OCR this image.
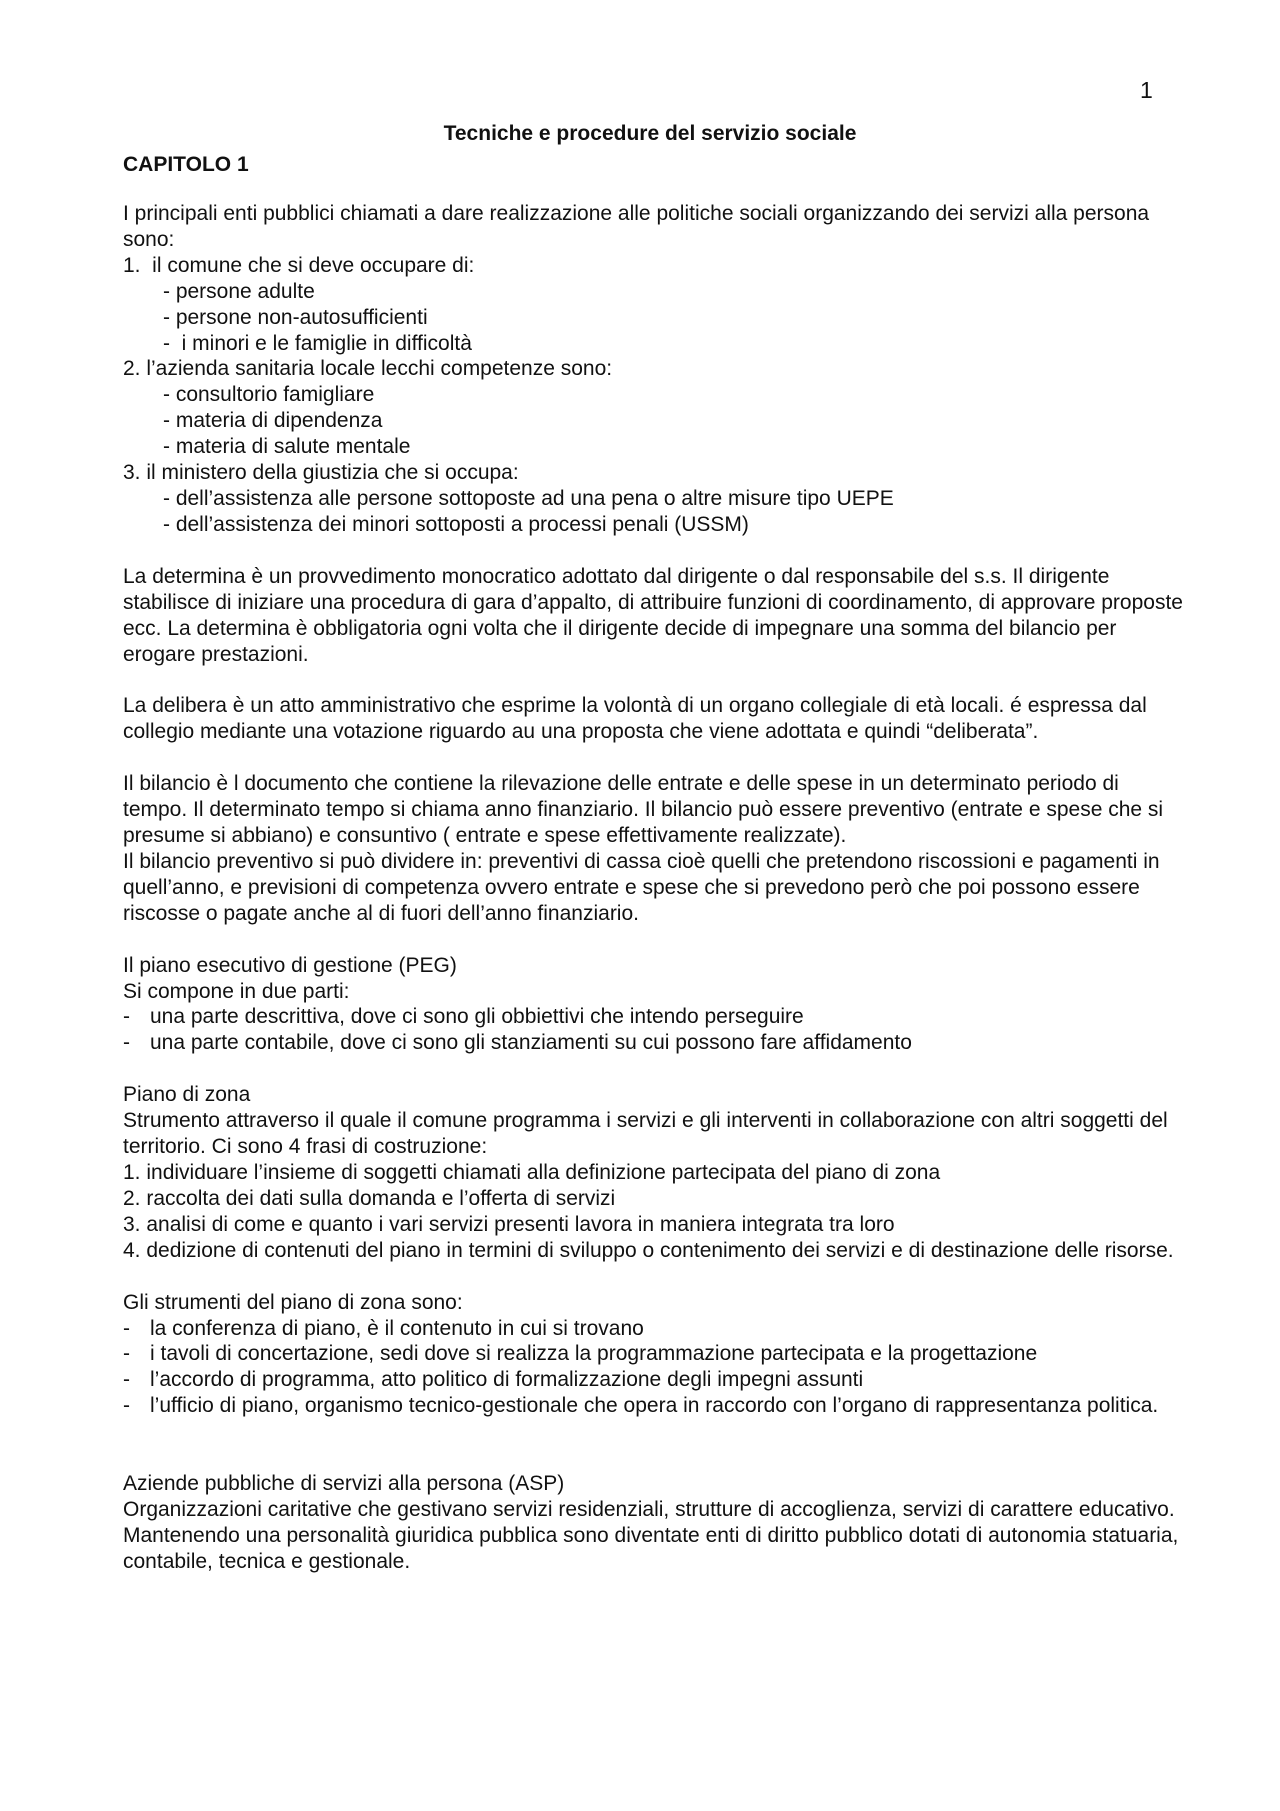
1
Tecniche e procedure del servizio sociale
CAPITOLO 1

I principali enti pubblici chiamati a dare realizzazione alle politiche sociali organizzando dei servizi alla persona sono:

1.  il comune che si deve occupare di:

- persone adulte

- persone non-autosufficienti

-  i minori e le famiglie in difficoltà

2. l’azienda sanitaria locale lecchi competenze sono:

- consultorio famigliare

- materia di dipendenza

- materia di salute mentale

3. il ministero della giustizia che si occupa:

- dell’assistenza alle persone sottoposte ad una pena o altre misure tipo UEPE

- dell’assistenza dei minori sottoposti a processi penali (USSM)

La determina è un provvedimento monocratico adottato dal dirigente o dal responsabile del s.s. Il dirigente stabilisce di iniziare una procedura di gara d’appalto, di attribuire funzioni di coordinamento, di approvare proposte ecc. La determina è obbligatoria ogni volta che il dirigente decide di impegnare una somma del bilancio per erogare prestazioni.

La delibera è un atto amministrativo che esprime la volontà di un organo collegiale di età locali. é espressa dal collegio mediante una votazione riguardo au una proposta che viene adottata e quindi “deliberata”.

Il bilancio è l documento che contiene la rilevazione delle entrate e delle spese in un determinato periodo di tempo. Il determinato tempo si chiama anno finanziario. Il bilancio può essere preventivo (entrate e spese che si presume si abbiano) e consuntivo ( entrate e spese effettivamente realizzate).

Il bilancio preventivo si può dividere in: preventivi di cassa cioè quelli che pretendono riscossioni e pagamenti in quell’anno, e previsioni di competenza ovvero entrate e spese che si prevedono però che poi possono essere riscosse o pagate anche al di fuori dell’anno finanziario.

Il piano esecutivo di gestione (PEG)

Si compone in due parti:

- una parte descrittiva, dove ci sono gli obbiettivi che intendo perseguire
- una parte contabile, dove ci sono gli stanziamenti su cui possono fare affidamento

Piano di zona

Strumento attraverso il quale il comune programma i servizi e gli interventi in collaborazione con altri soggetti del territorio. Ci sono 4 frasi di costruzione:

1. individuare l’insieme di soggetti chiamati alla definizione partecipata del piano di zona

2. raccolta dei dati sulla domanda e l’offerta di servizi

3. analisi di come e quanto i vari servizi presenti lavora in maniera integrata tra loro

4. dedizione di contenuti del piano in termini di sviluppo o contenimento dei servizi e di destinazione delle risorse.

Gli strumenti del piano di zona sono:

- la conferenza di piano, è il contenuto in cui si trovano
- i tavoli di concertazione, sedi dove si realizza la programmazione partecipata e la progettazione
- l’accordo di programma, atto politico di formalizzazione degli impegni assunti
- l’ufficio di piano, organismo tecnico-gestionale che opera in raccordo con l’organo di rappresentanza politica.

Aziende pubbliche di servizi alla persona (ASP)

Organizzazioni caritative che gestivano servizi residenziali, strutture di accoglienza, servizi di carattere educativo. Mantenendo una personalità giuridica pubblica sono diventate enti di diritto pubblico dotati di autonomia statuaria, contabile, tecnica e gestionale.
